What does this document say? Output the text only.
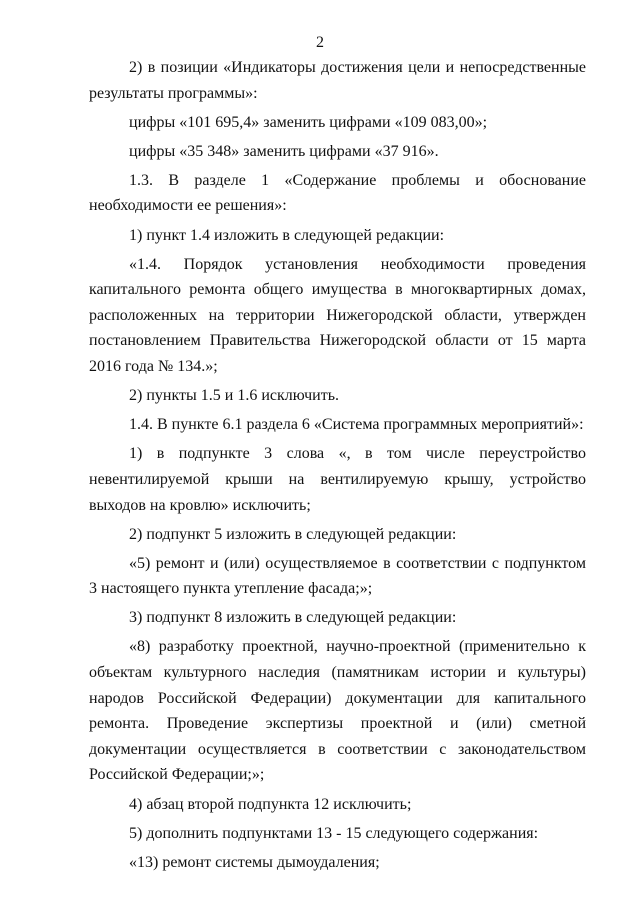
2

2) в позиции «Индикаторы достижения цели и непосредственные результаты программы»:

цифры «101 695,4» заменить цифрами «109 083,00»;

цифры «35 348» заменить цифрами «37 916».

1.3. В разделе 1 «Содержание проблемы и обоснование необходимости ее решения»:

1) пункт 1.4 изложить в следующей редакции:

«1.4. Порядок установления необходимости проведения капитального ремонта общего имущества в многоквартирных домах, расположенных на территории Нижегородской области, утвержден постановлением Правительства Нижегородской области от 15 марта 2016 года № 134.»;

2) пункты 1.5 и 1.6 исключить.

1.4. В пункте 6.1 раздела 6 «Система программных мероприятий»:

1) в подпункте 3 слова «, в том числе переустройство невентилируемой крыши на вентилируемую крышу, устройство выходов на кровлю» исключить;

2) подпункт 5 изложить в следующей редакции:

«5) ремонт и (или) осуществляемое в соответствии с подпунктом 3 настоящего пункта утепление фасада;»;

3) подпункт 8 изложить в следующей редакции:

«8) разработку проектной, научно-проектной (применительно к объектам культурного наследия (памятникам истории и культуры) народов Российской Федерации) документации для капитального ремонта. Проведение экспертизы проектной и (или) сметной документации осуществляется в соответствии с законодательством Российской Федерации;»;

4) абзац второй подпункта 12 исключить;

5) дополнить подпунктами 13 - 15 следующего содержания:

«13) ремонт системы дымоудаления;
